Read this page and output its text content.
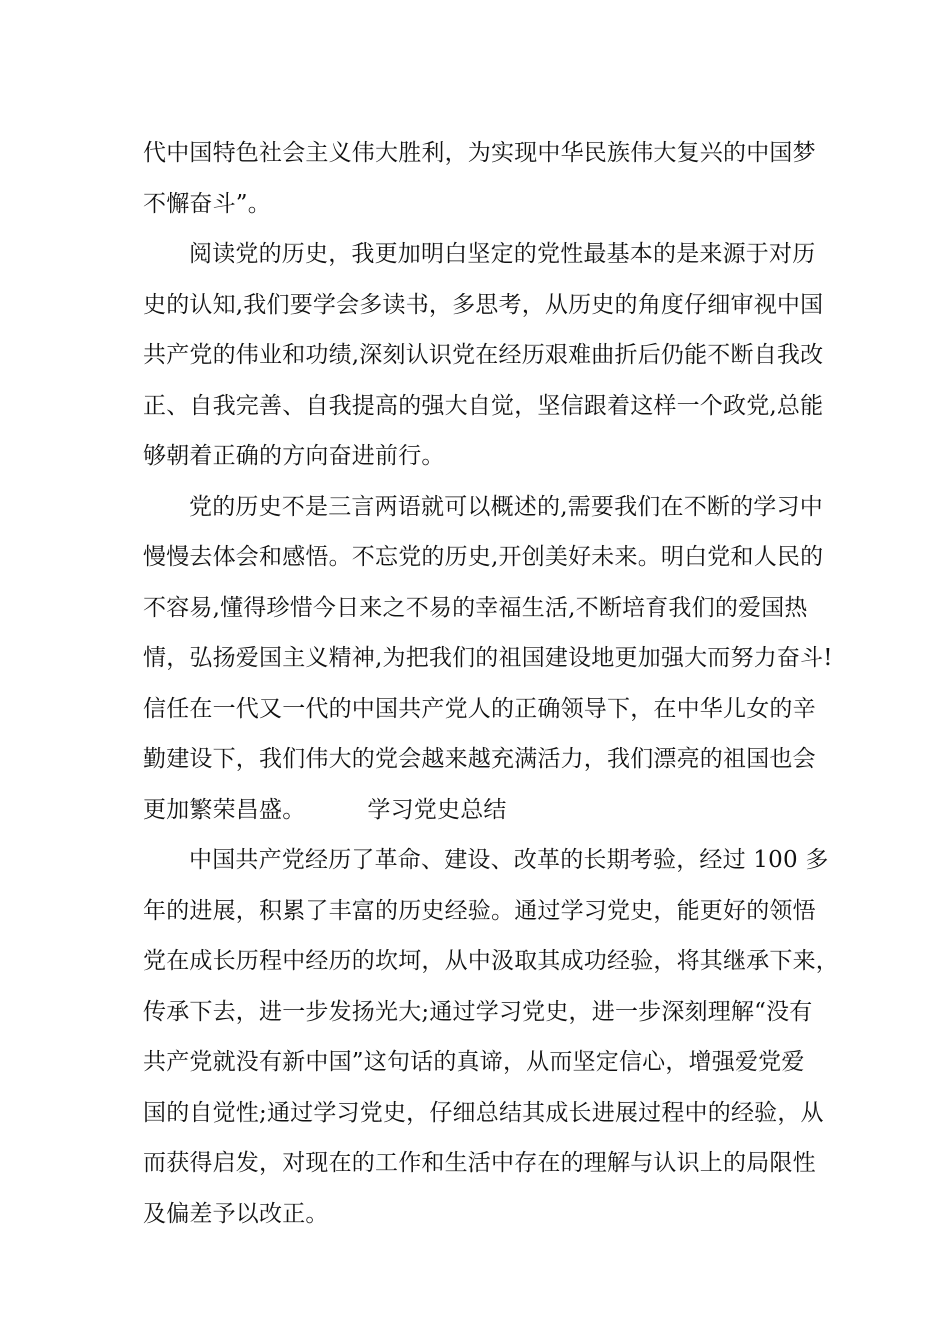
代中国特色社会主义伟大胜利，为实现中华民族伟大复兴的中国梦
不懈奋斗”。
阅读党的历史，我更加明白坚定的党性最基本的是来源于对历
史的认知,我们要学会多读书，多思考，从历史的角度仔细审视中国
共产党的伟业和功绩,深刻认识党在经历艰难曲折后仍能不断自我改
正、自我完善、自我提高的强大自觉，坚信跟着这样一个政党,总能
够朝着正确的方向奋进前行。
党的历史不是三言两语就可以概述的,需要我们在不断的学习中
慢慢去体会和感悟。不忘党的历史,开创美好未来。明白党和人民的
不容易,懂得珍惜今日来之不易的幸福生活,不断培育我们的爱国热
情，弘扬爱国主义精神,为把我们的祖国建设地更加强大而努力奋斗!
信任在一代又一代的中国共产党人的正确领导下，在中华儿女的辛
勤建设下，我们伟大的党会越来越充满活力，我们漂亮的祖国也会
更加繁荣昌盛。	学习党史总结
中国共产党经历了革命、建设、改革的长期考验，经过 100 多
年的进展，积累了丰富的历史经验。通过学习党史，能更好的领悟
党在成长历程中经历的坎坷，从中汲取其成功经验，将其继承下来，
传承下去，进一步发扬光大;通过学习党史，进一步深刻理解“没有
共产党就没有新中国”这句话的真谛，从而坚定信心，增强爱党爱
国的自觉性;通过学习党史，仔细总结其成长进展过程中的经验，从
而获得启发，对现在的工作和生活中存在的理解与认识上的局限性
及偏差予以改正。
